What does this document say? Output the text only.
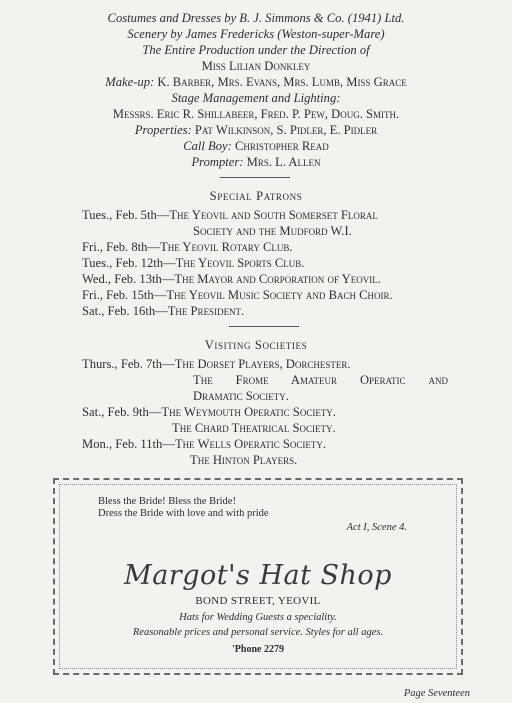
Costumes and Dresses by B. J. Simmons & Co. (1941) Ltd.
Scenery by James Fredericks (Weston-super-Mare)
The Entire Production under the Direction of
Miss Lilian Donkley
Make-up: K. Barber, Mrs. Evans, Mrs. Lumb, Miss Grace
Stage Management and Lighting:
Messrs. Eric R. Shillabeer, Fred. P. Pew, Doug. Smith.
Properties: Pat Wilkinson, S. Pidler, E. Pidler
Call Boy: Christopher Read
Prompter: Mrs. L. Allen
Special Patrons
Tues., Feb. 5th—The Yeovil and South Somerset Floral
Society and the Mudford W.I.
Fri., Feb. 8th—The Yeovil Rotary Club.
Tues., Feb. 12th—The Yeovil Sports Club.
Wed., Feb. 13th—The Mayor and Corporation of Yeovil.
Fri., Feb. 15th—The Yeovil Music Society and Bach Choir.
Sat., Feb. 16th—The President.
Visiting Societies
Thurs., Feb. 7th—The Dorset Players, Dorchester.
The Frome Amateur Operatic and
Dramatic Society.
Sat., Feb. 9th—The Weymouth Operatic Society.
The Chard Theatrical Society.
Mon., Feb. 11th—The Wells Operatic Society.
The Hinton Players.
Bless the Bride! Bless the Bride!
Dress the Bride with love and with pride
Act I, Scene 4.
Margot's Hat Shop
BOND STREET, YEOVIL
Hats for Wedding Guests a speciality.
Reasonable prices and personal service. Styles for all ages.
'Phone 2279
Page Seventeen
